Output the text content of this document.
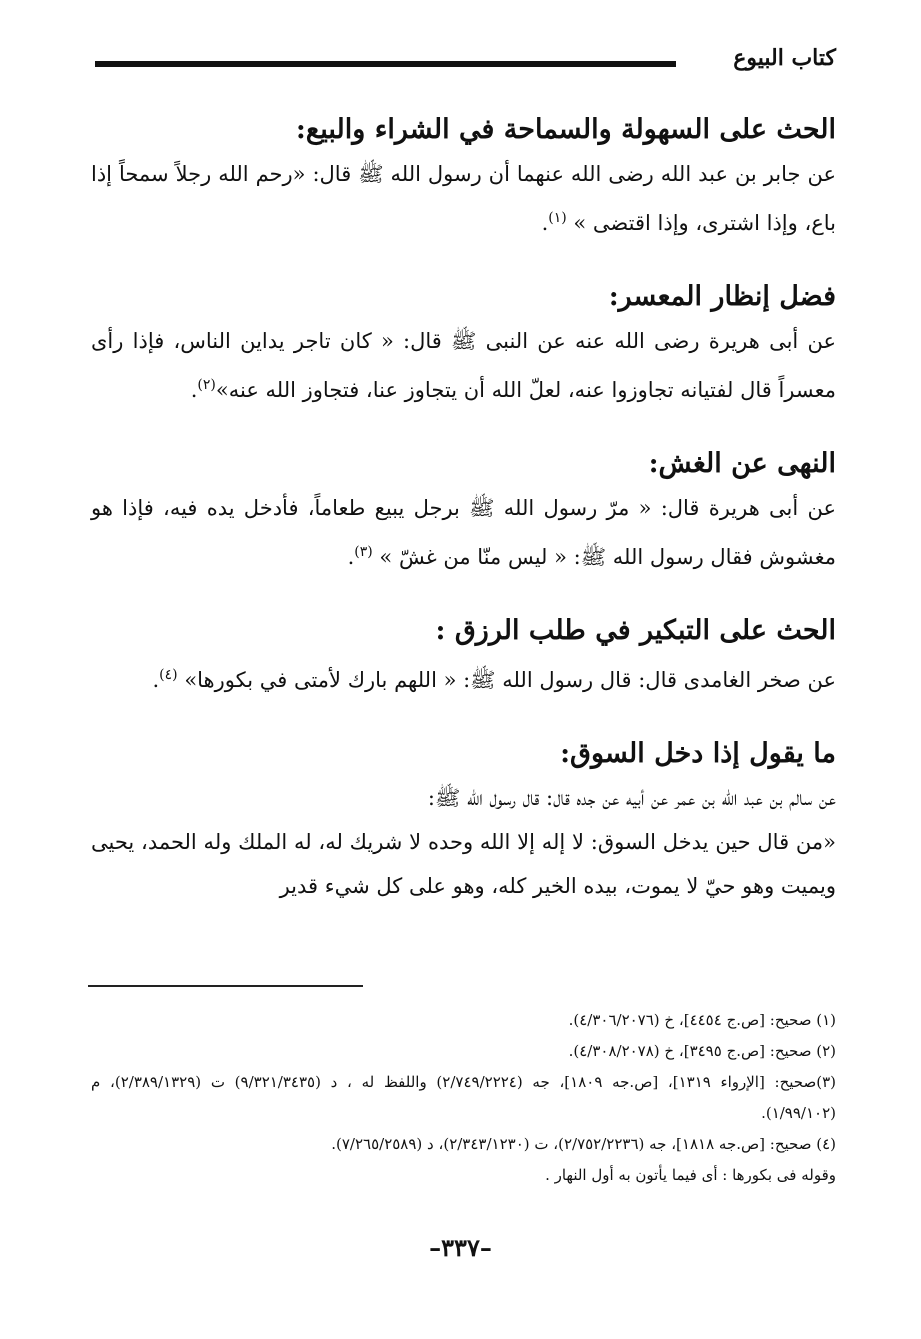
كتاب البيوع
الحث على السهولة والسماحة في الشراء والبيع:

عن جابر بن عبد الله رضى الله عنهما أن رسول الله ﷺ قال: «رحم الله رجلاً سمحاً إذا باع، وإذا اشترى، وإذا اقتضى » $^{(١)}$.

فضل إنظار المعسر:

عن أبى هريرة رضى الله عنه عن النبى ﷺ قال: « كان تاجر يداين الناس، فإذا رأى معسراً قال لفتيانه تجاوزوا عنه، لعلّ الله أن يتجاوز عنا، فتجاوز الله عنه»$^{(٢)}$.

النهى عن الغش:

عن أبى هريرة قال: « مرّ رسول الله ﷺ برجل يبيع طعاماً، فأدخل يده فيه، فإذا هو مغشوش فقال رسول الله ﷺ: « ليس منّا من غشّ » $^{(٣)}$.

الحث على التبكير في طلب الرزق :

عن صخر الغامدى قال: قال رسول الله ﷺ: « اللهم بارك لأمتى في بكورها» $^{(٤)}$.

ما يقول إذا دخل السوق:

عن سالم بن عبد الله بن عمر عن أبيه عن جده قال: قال رسول الله ﷺ:

«من قال حين يدخل السوق: لا إله إلا الله وحده لا شريك له، له الملك وله الحمد، يحيى ويميت وهو حيّ لا يموت، بيده الخير كله، وهو على كل شيء قدير

(١) صحيح: [ص.ج ٤٤٥٤]، خ (٤/٣٠٦/٢٠٧٦).

(٢) صحيح: [ص.ج ٣٤٩٥]، خ (٤/٣٠٨/٢٠٧٨).

(٣)صحيح: [الإرواء ١٣١٩]، [ص.جه ١٨٠٩]، جه (٢/٧٤٩/٢٢٢٤) واللفظ له ، د (٩/٣٢١/٣٤٣٥) ت (٢/٣٨٩/١٣٢٩)، م (١/٩٩/١٠٢).

(٤) صحيح: [ص.جه ١٨١٨]، جه (٢/٧٥٢/٢٢٣٦)، ت (٢/٣٤٣/١٢٣٠)، د (٧/٢٦٥/٢٥٨٩).

وقوله فى بكورها : أى فيما يأتون به أول النهار .

–٣٣٧–
